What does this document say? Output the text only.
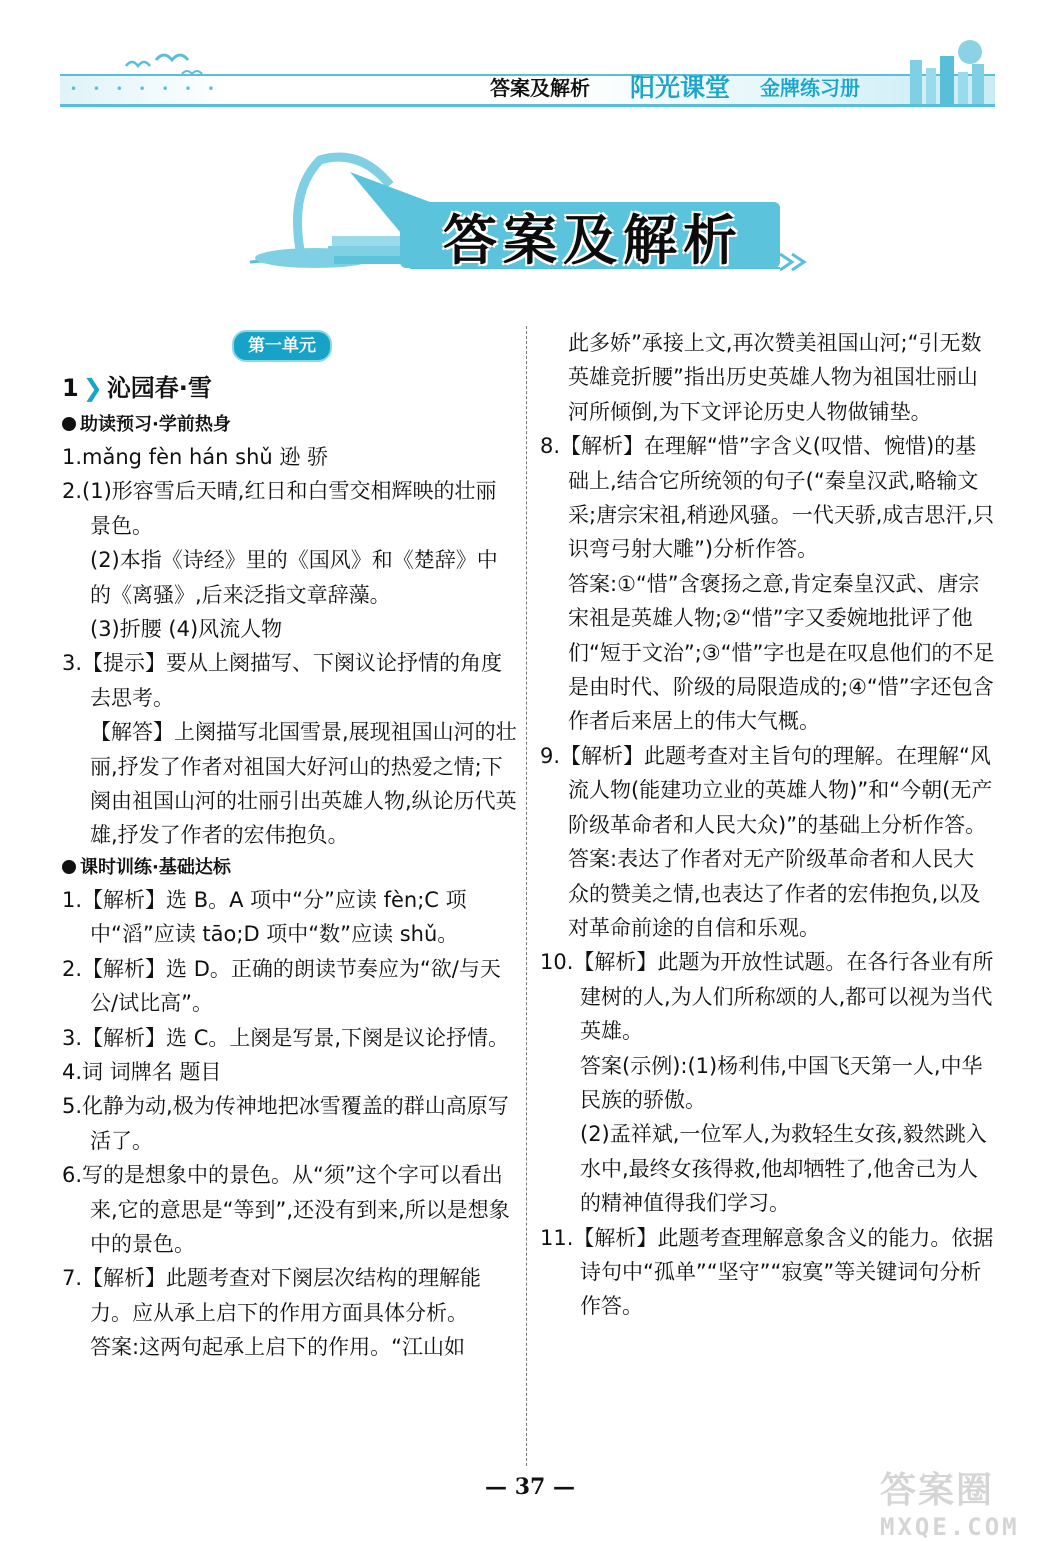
• • • • • • •	答案及解析 阳光课堂 金牌练习册
答案及解析
第一单元
1 ❯ 沁园春·雪
助读预习·学前热身

1.mǎng fèn hán shǔ 逊 骄

2.(1)形容雪后天晴,红日和白雪交相辉映的壮丽景色。

(2)本指《诗经》里的《国风》和《楚辞》中的《离骚》,后来泛指文章辞藻。

(3)折腰 (4)风流人物

3.【提示】要从上阕描写、下阕议论抒情的角度去思考。

【解答】上阕描写北国雪景,展现祖国山河的壮丽,抒发了作者对祖国大好河山的热爱之情;下阕由祖国山河的壮丽引出英雄人物,纵论历代英雄,抒发了作者的宏伟抱负。

课时训练·基础达标

1.【解析】选 B。A 项中“分”应读 fèn;C 项中“滔”应读 tāo;D 项中“数”应读 shǔ。

2.【解析】选 D。正确的朗读节奏应为“欲/与天公/试比高”。

3.【解析】选 C。上阕是写景,下阕是议论抒情。

4.词 词牌名 题目

5.化静为动,极为传神地把冰雪覆盖的群山高原写活了。

6.写的是想象中的景色。从“须”这个字可以看出来,它的意思是“等到”,还没有到来,所以是想象中的景色。

7.【解析】此题考查对下阕层次结构的理解能力。应从承上启下的作用方面具体分析。

答案:这两句起承上启下的作用。“江山如

此多娇”承接上文,再次赞美祖国山河;“引无数英雄竞折腰”指出历史英雄人物为祖国壮丽山河所倾倒,为下文评论历史人物做铺垫。

8.【解析】在理解“惜”字含义(叹惜、惋惜)的基础上,结合它所统领的句子(“秦皇汉武,略输文采;唐宗宋祖,稍逊风骚。一代天骄,成吉思汗,只识弯弓射大雕”)分析作答。

答案:①“惜”含褒扬之意,肯定秦皇汉武、唐宗宋祖是英雄人物;②“惜”字又委婉地批评了他们“短于文治”;③“惜”字也是在叹息他们的不足是由时代、阶级的局限造成的;④“惜”字还包含作者后来居上的伟大气概。

9.【解析】此题考查对主旨句的理解。在理解“风流人物(能建功立业的英雄人物)”和“今朝(无产阶级革命者和人民大众)”的基础上分析作答。

答案:表达了作者对无产阶级革命者和人民大众的赞美之情,也表达了作者的宏伟抱负,以及对革命前途的自信和乐观。

10.【解析】此题为开放性试题。在各行各业有所建树的人,为人们所称颂的人,都可以视为当代英雄。

答案(示例):(1)杨利伟,中国飞天第一人,中华民族的骄傲。

(2)孟祥斌,一位军人,为救轻生女孩,毅然跳入水中,最终女孩得救,他却牺牲了,他舍己为人的精神值得我们学习。

11.【解析】此题考查理解意象含义的能力。依据诗句中“孤单”“坚守”“寂寞”等关键词句分析作答。

— 37 —	答案圈
MXQE.COM
